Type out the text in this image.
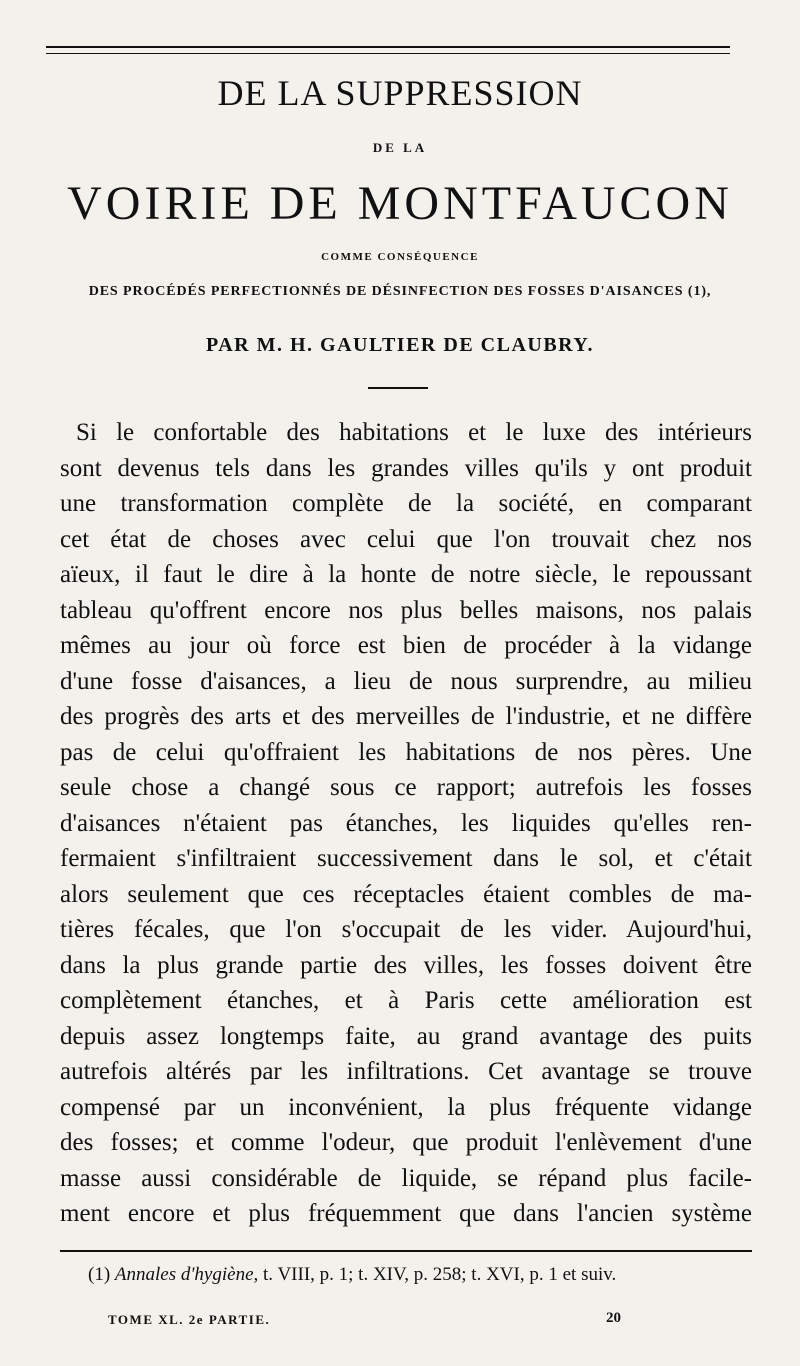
DE LA SUPPRESSION
DE LA
VOIRIE DE MONTFAUCON
COMME CONSÉQUENCE
DES PROCÉDÉS PERFECTIONNÉS DE DÉSINFECTION DES FOSSES D'AISANCES (1),
PAR M. H. GAULTIER DE CLAUBRY.
Si le confortable des habitations et le luxe des intérieurs
sont devenus tels dans les grandes villes qu'ils y ont produit
une transformation complète de la société, en comparant
cet état de choses avec celui que l'on trouvait chez nos
aïeux, il faut le dire à la honte de notre siècle, le repoussant
tableau qu'offrent encore nos plus belles maisons, nos palais
mêmes au jour où force est bien de procéder à la vidange
d'une fosse d'aisances, a lieu de nous surprendre, au milieu
des progrès des arts et des merveilles de l'industrie, et ne diffère
pas de celui qu'offraient les habitations de nos pères. Une
seule chose a changé sous ce rapport; autrefois les fosses
d'aisances n'étaient pas étanches, les liquides qu'elles ren-
fermaient s'infiltraient successivement dans le sol, et c'était
alors seulement que ces réceptacles étaient combles de ma-
tières fécales, que l'on s'occupait de les vider. Aujourd'hui,
dans la plus grande partie des villes, les fosses doivent être
complètement étanches, et à Paris cette amélioration est
depuis assez longtemps faite, au grand avantage des puits
autrefois altérés par les infiltrations. Cet avantage se trouve
compensé par un inconvénient, la plus fréquente vidange
des fosses; et comme l'odeur, que produit l'enlèvement d'une
masse aussi considérable de liquide, se répand plus facile-
ment encore et plus fréquemment que dans l'ancien système
(1) Annales d'hygiène, t. VIII, p. 1; t. XIV, p. 258; t. XVI, p. 1 et suiv.
TOME XL. 2e PARTIE.	20
